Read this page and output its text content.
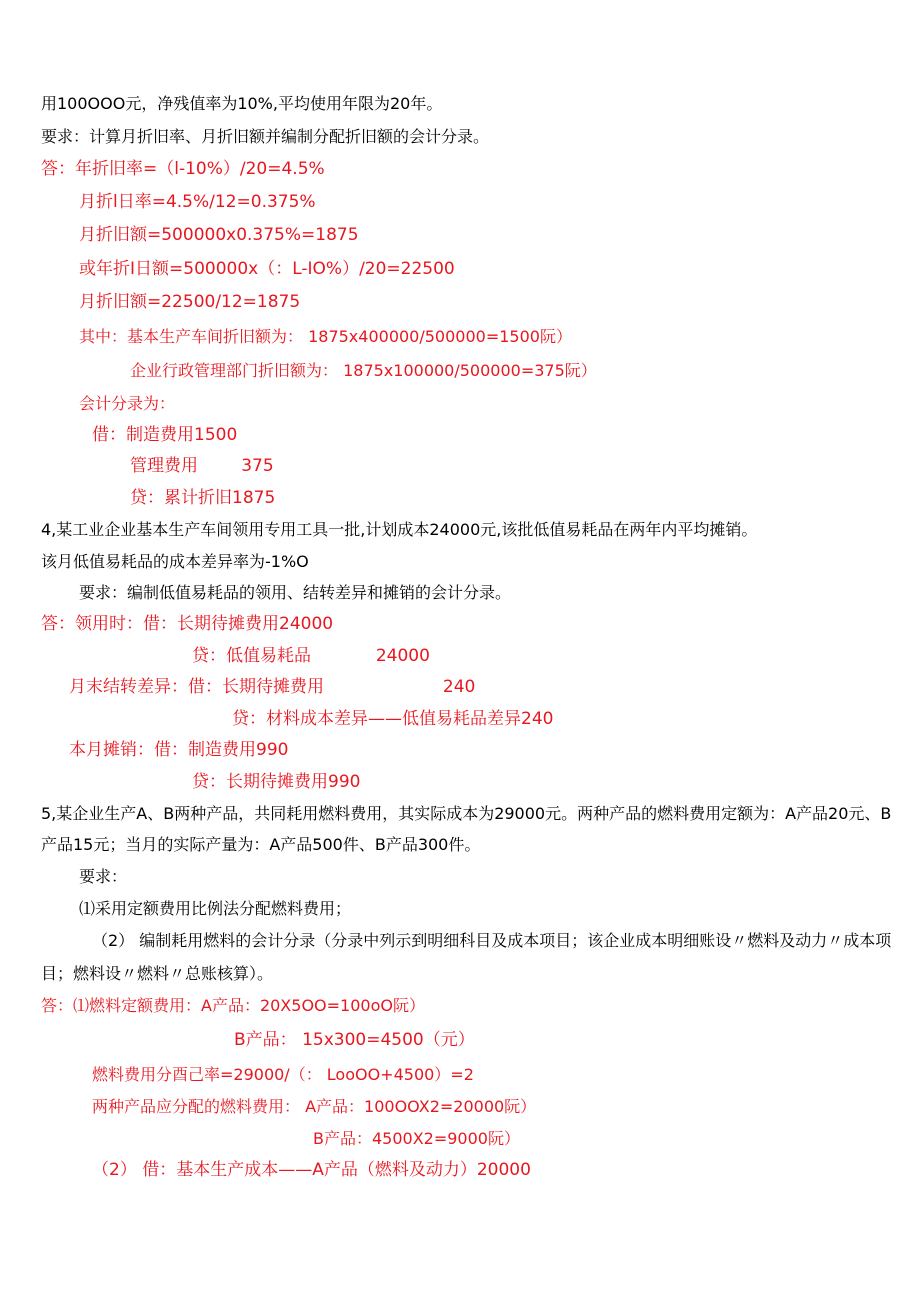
用100OOO元，净残值率为10%,平均使用年限为20年。
要求：计算月折旧率、月折旧额并编制分配折旧额的会计分录。
答：年折旧率=（l-10%）∕20=4.5%
月折l日率=4.5%∕12=0.375%
月折旧额=500000x0.375%=1875
或年折I日额=500000x（：L-IO%）∕20=22500
月折旧额=22500/12=1875
其中：基本生产车间折旧额为： 1875x400000/500000=1500阮）
企业行政管理部门折旧额为： 1875x100000/500000=375阮）
会计分录为：
借：制造费用1500
管理费用        375
贷：累计折旧1875
4,某工业企业基本生产车间领用专用工具一批,计划成本24000元,该批低值易耗品在两年内平均摊销。
该月低值易耗品的成本差异率为-1%O
要求：编制低值易耗品的领用、结转差异和摊销的会计分录。
答：领用时：借：长期待摊费用24000
贷：低值易耗品            24000
月末结转差异：借：长期待摊费用                      240
贷：材料成本差异——低值易耗品差异240
本月摊销：借：制造费用990
贷：长期待摊费用990
5,某企业生产A、B两种产品，共同耗用燃料费用，其实际成本为29000元。两种产品的燃料费用定额为：A产品20元、B
产品15元；当月的实际产量为：A产品500件、B产品300件。
要求：
⑴采用定额费用比例法分配燃料费用；
（2） 编制耗用燃料的会计分录（分录中列示到明细科目及成本项目；该企业成本明细账设〃燃料及动力〃成本项
目；燃料设〃燃料〃总账核算）。
答：⑴燃料定额费用：A产品：20X5OO=100oO阮）
B产品： 15x300=4500（元）
燃料费用分酉己率=29000/（： LooOO+4500）=2
两种产品应分配的燃料费用： A产品：100OOX2=20000阮）
B产品：4500X2=9000阮）
（2） 借：基本生产成本——A产品（燃料及动力）20000
